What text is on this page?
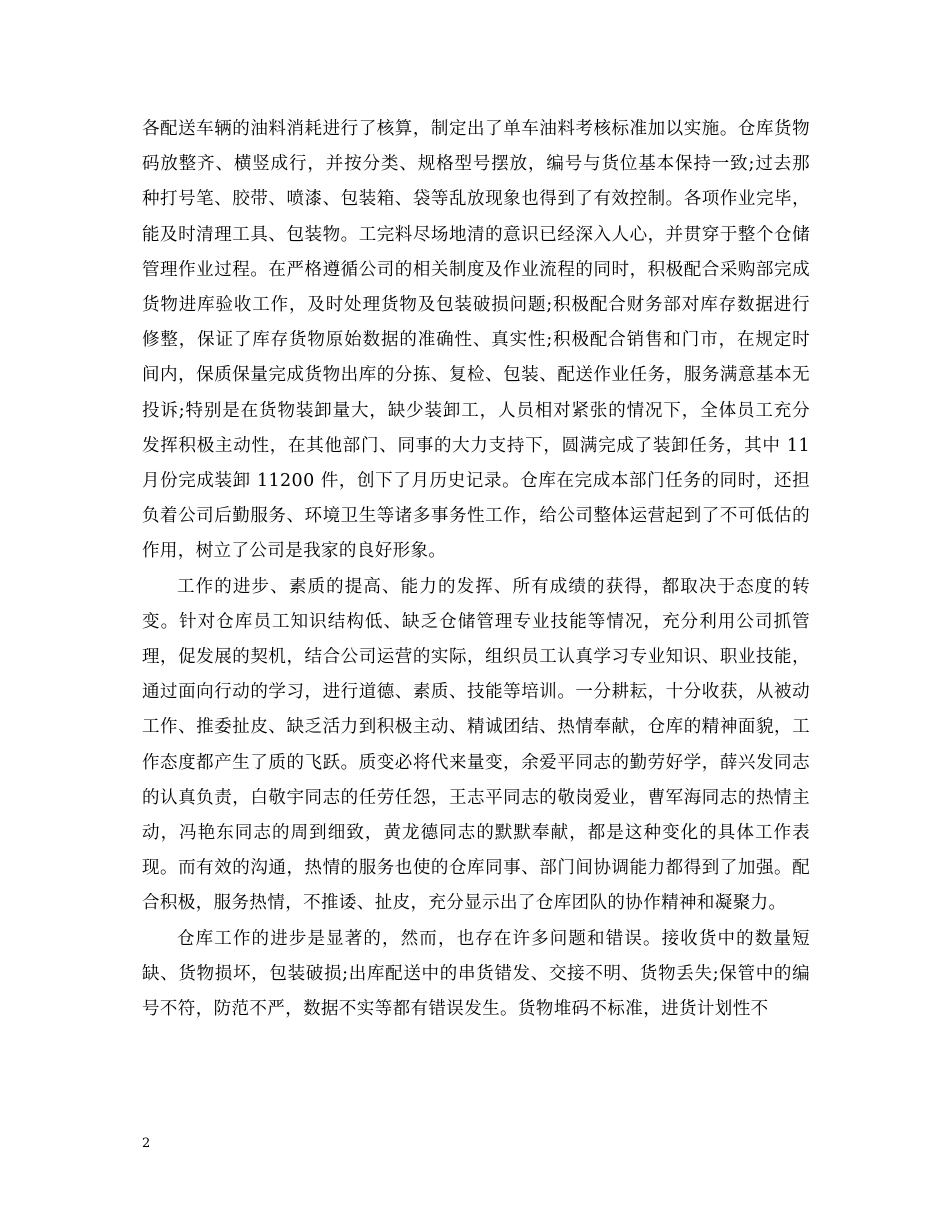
各配送车辆的油料消耗进行了核算，制定出了单车油料考核标准加以实施。仓库货物码放整齐、横竖成行，并按分类、规格型号摆放，编号与货位基本保持一致;过去那种打号笔、胶带、喷漆、包装箱、袋等乱放现象也得到了有效控制。各项作业完毕，能及时清理工具、包装物。工完料尽场地清的意识已经深入人心，并贯穿于整个仓储管理作业过程。在严格遵循公司的相关制度及作业流程的同时，积极配合采购部完成货物进库验收工作，及时处理货物及包装破损问题;积极配合财务部对库存数据进行修整，保证了库存货物原始数据的准确性、真实性;积极配合销售和门市，在规定时间内，保质保量完成货物出库的分拣、复检、包装、配送作业任务，服务满意基本无投诉;特别是在货物装卸量大，缺少装卸工，人员相对紧张的情况下，全体员工充分发挥积极主动性，在其他部门、同事的大力支持下，圆满完成了装卸任务，其中 11 月份完成装卸 11200 件，创下了月历史记录。仓库在完成本部门任务的同时，还担负着公司后勤服务、环境卫生等诸多事务性工作，给公司整体运营起到了不可低估的作用，树立了公司是我家的良好形象。

工作的进步、素质的提高、能力的发挥、所有成绩的获得，都取决于态度的转变。针对仓库员工知识结构低、缺乏仓储管理专业技能等情况，充分利用公司抓管理，促发展的契机，结合公司运营的实际，组织员工认真学习专业知识、职业技能，通过面向行动的学习，进行道德、素质、技能等培训。一分耕耘，十分收获，从被动工作、推委扯皮、缺乏活力到积极主动、精诚团结、热情奉献，仓库的精神面貌，工作态度都产生了质的飞跃。质变必将代来量变，余爱平同志的勤劳好学，薛兴发同志的认真负责，白敬宇同志的任劳任怨，王志平同志的敬岗爱业，曹军海同志的热情主动，冯艳东同志的周到细致，黄龙德同志的默默奉献，都是这种变化的具体工作表现。而有效的沟通，热情的服务也使的仓库同事、部门间协调能力都得到了加强。配合积极，服务热情，不推诿、扯皮，充分显示出了仓库团队的协作精神和凝聚力。

仓库工作的进步是显著的，然而，也存在许多问题和错误。接收货中的数量短缺、货物损坏，包装破损;出库配送中的串货错发、交接不明、货物丢失;保管中的编号不符，防范不严，数据不实等都有错误发生。货物堆码不标准，进货计划性不

2
